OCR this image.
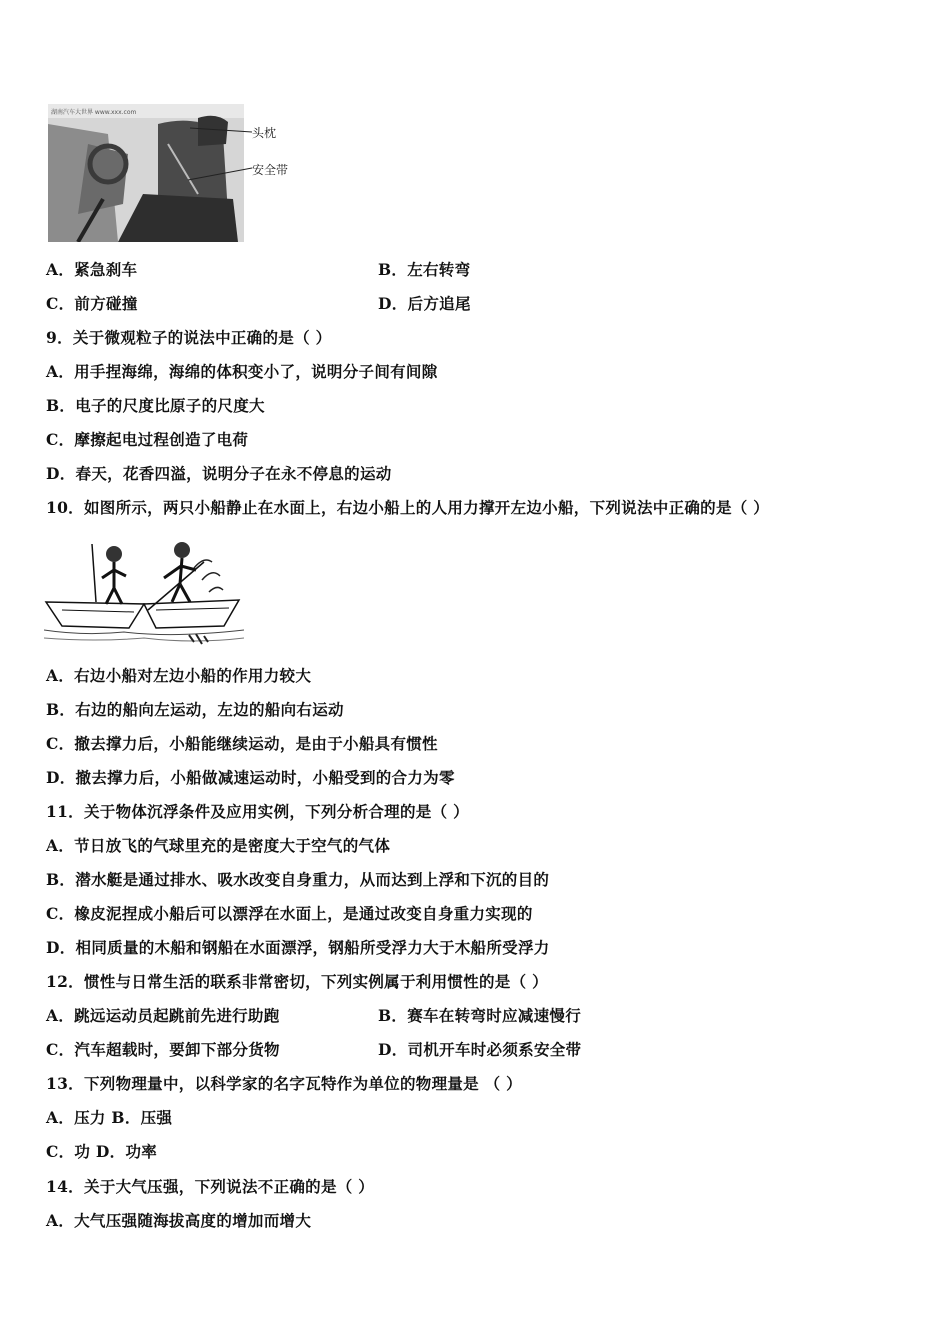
湖南汽车大世界 www.xxx.com
头枕
安全带
A．紧急刹车	B．左右转弯
C．前方碰撞	D．后方追尾
9．关于微观粒子的说法中正确的是（ ）
A．用手捏海绵，海绵的体积变小了，说明分子间有间隙
B．电子的尺度比原子的尺度大
C．摩擦起电过程创造了电荷
D．春天，花香四溢，说明分子在永不停息的运动
10．如图所示，两只小船静止在水面上，右边小船上的人用力撑开左边小船，下列说法中正确的是（ ）
A．右边小船对左边小船的作用力较大
B．右边的船向左运动，左边的船向右运动
C．撤去撑力后，小船能继续运动，是由于小船具有惯性
D．撤去撑力后，小船做减速运动时，小船受到的合力为零
11．关于物体沉浮条件及应用实例，下列分析合理的是（ ）
A．节日放飞的气球里充的是密度大于空气的气体
B．潜水艇是通过排水、吸水改变自身重力，从而达到上浮和下沉的目的
C．橡皮泥捏成小船后可以漂浮在水面上，是通过改变自身重力实现的
D．相同质量的木船和钢船在水面漂浮，钢船所受浮力大于木船所受浮力
12．惯性与日常生活的联系非常密切，下列实例属于利用惯性的是（ ）
A．跳远运动员起跳前先进行助跑	B．赛车在转弯时应减速慢行
C．汽车超载时，要卸下部分货物	D．司机开车时必须系安全带
13．下列物理量中，以科学家的名字瓦特作为单位的物理量是 （ ）
A．压力 B．压强
C．功 D．功率
14．关于大气压强，下列说法不正确的是（ ）
A．大气压强随海拔高度的增加而增大
